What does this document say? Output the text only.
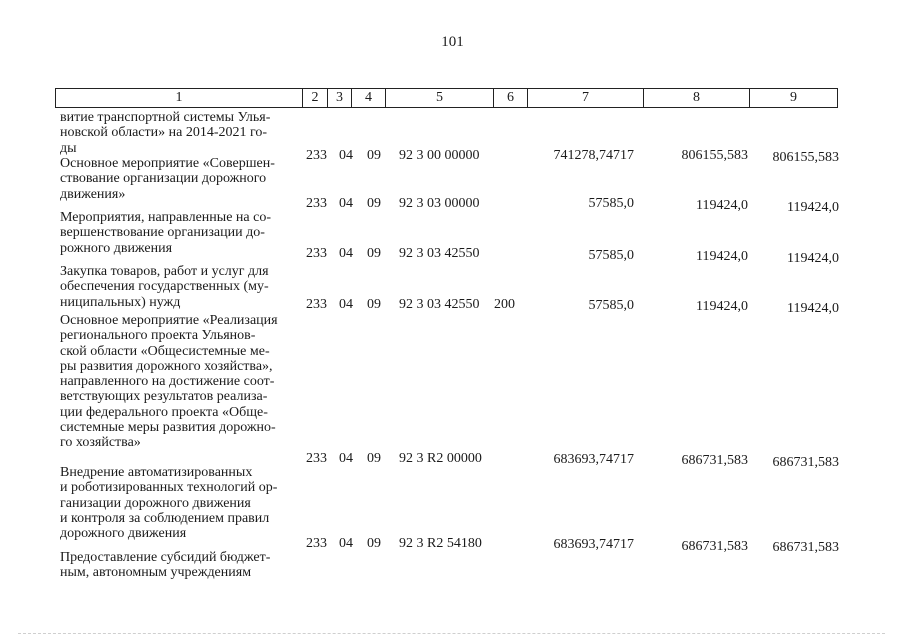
101
1	2	3	4	5	6	7	8	9
витие транспортной системы Улья-
новской области» на 2014-2021 го-
ды	233 04 09 92 3 00 00000	741278,74717	806155,583 806155,583
Основное мероприятие «Совершен-
ствование организации дорожного
движения»
233 04 09 92 3 03 00000	57585,0	119424,0	119424,0
Мероприятия, направленные на со-
вершенствование организации до-
рожного движения	233 04 09 92 3 03 42550	57585,0	119424,0	119424,0
Закупка товаров, работ и услуг для
обеспечения государственных (му-
ниципальных) нужд	233 04 09 92 3 03 42550 200	57585,0	119424,0	119424,0
Основное мероприятие «Реализация
регионального проекта Ульянов-
ской области «Общесистемные ме-
ры развития дорожного хозяйства»,
направленного на достижение соот-
ветствующих результатов реализа-
ции федерального проекта «Обще-
системные меры развития дорожно-
го хозяйства»
233 04 09 92 3 R2 00000	683693,74717	686731,583 686731,583
Внедрение автоматизированных
и роботизированных технологий ор-
ганизации дорожного движения
и контроля за соблюдением правил
дорожного движения
233 04 09 92 3 R2 54180	683693,74717	686731,583 686731,583
Предоставление субсидий бюджет-
ным, автономным учреждениям
